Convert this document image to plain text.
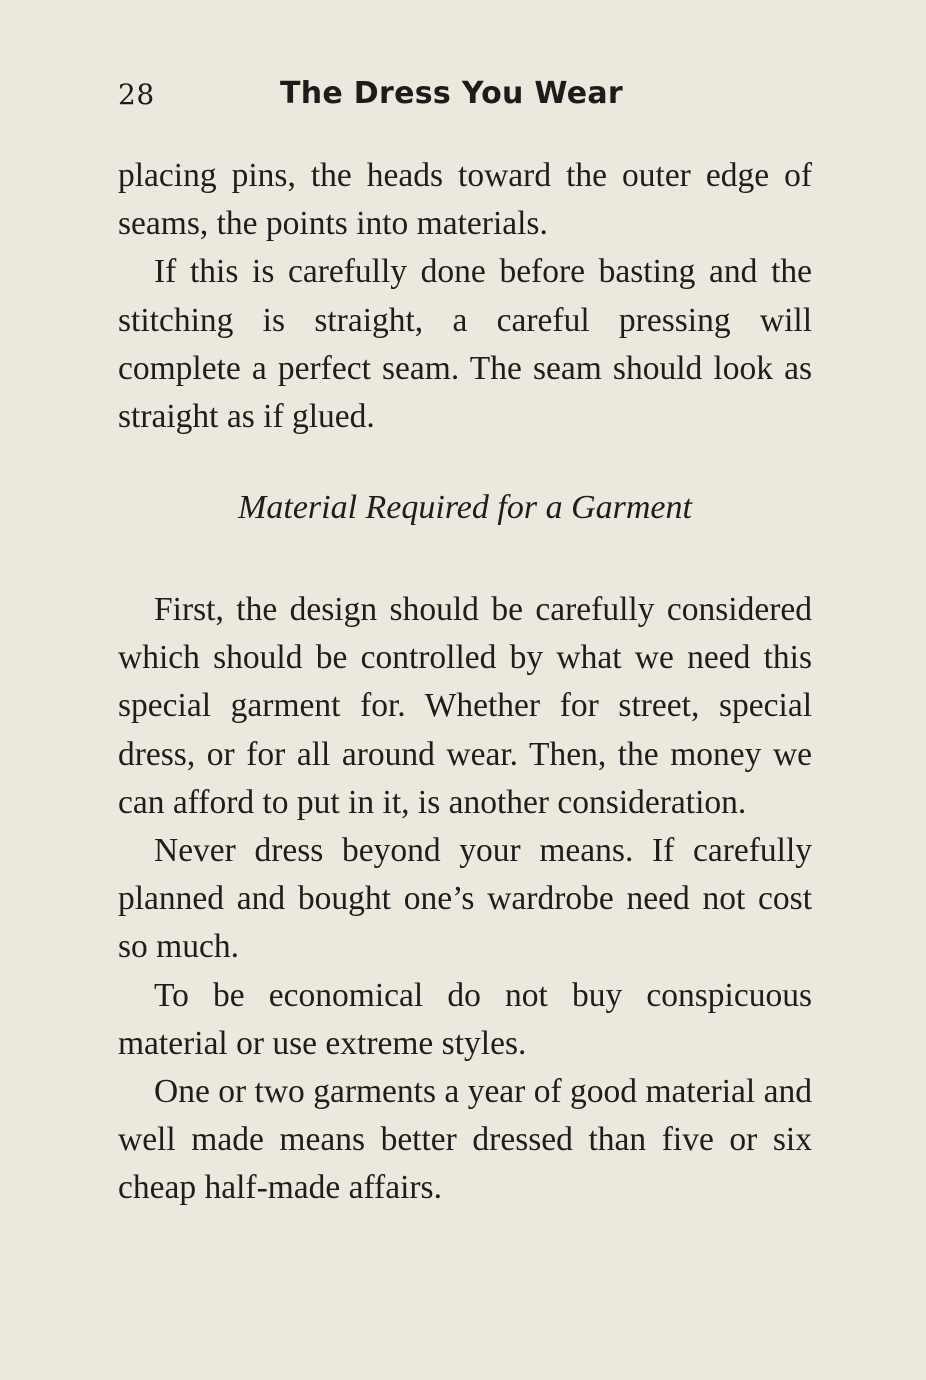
28	The Dress You Wear

placing pins, the heads toward the outer edge of seams, the points into materials.

If this is carefully done before basting and the stitching is straight, a careful pressing will complete a perfect seam. The seam should look as straight as if glued.

Material Required for a Garment

First, the design should be carefully considered which should be controlled by what we need this special garment for. Whether for street, special dress, or for all around wear. Then, the money we can afford to put in it, is another consideration.

Never dress beyond your means. If carefully planned and bought one’s wardrobe need not cost so much.

To be economical do not buy conspicuous material or use extreme styles.

One or two garments a year of good material and well made means better dressed than five or six cheap half-made affairs.
